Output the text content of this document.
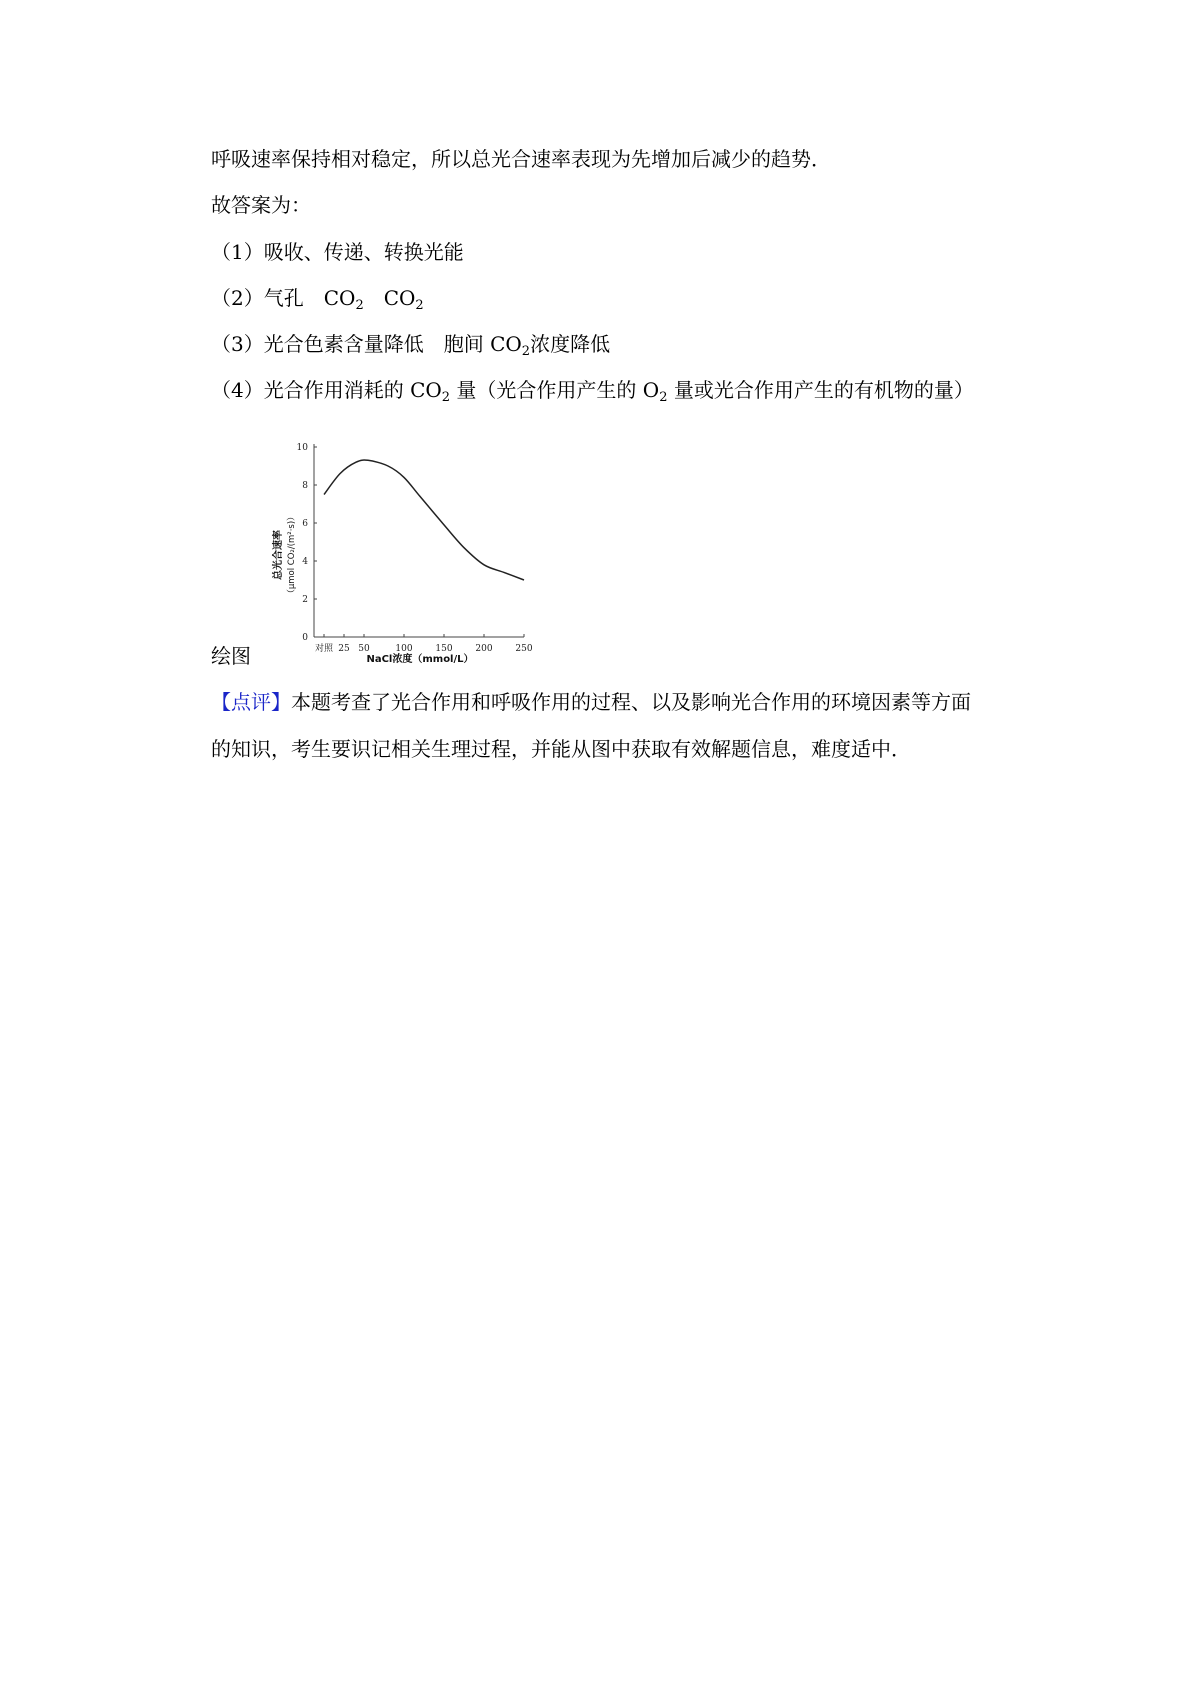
呼吸速率保持相对稳定，所以总光合速率表现为先增加后减少的趋势．
故答案为：
（1）吸收、传递、转换光能
（2）气孔 $CO_2$ $CO_2$
（3）光合色素含量降低 胞间 $CO_2$浓度降低
（4）光合作用消耗的 $CO_2$ 量（光合作用产生的 $O_2$ 量或光合作用产生的有机物的量）
0
2
4
6
8
10
对照 25 50	100	150	200	250
总光合速率 （μmol CO₂/(m²·s)）
NaCl浓度（mmol/L）
绘图
【点评】本题考查了光合作用和呼吸作用的过程、以及影响光合作用的环境因素等方面
的知识，考生要识记相关生理过程，并能从图中获取有效解题信息，难度适中．
